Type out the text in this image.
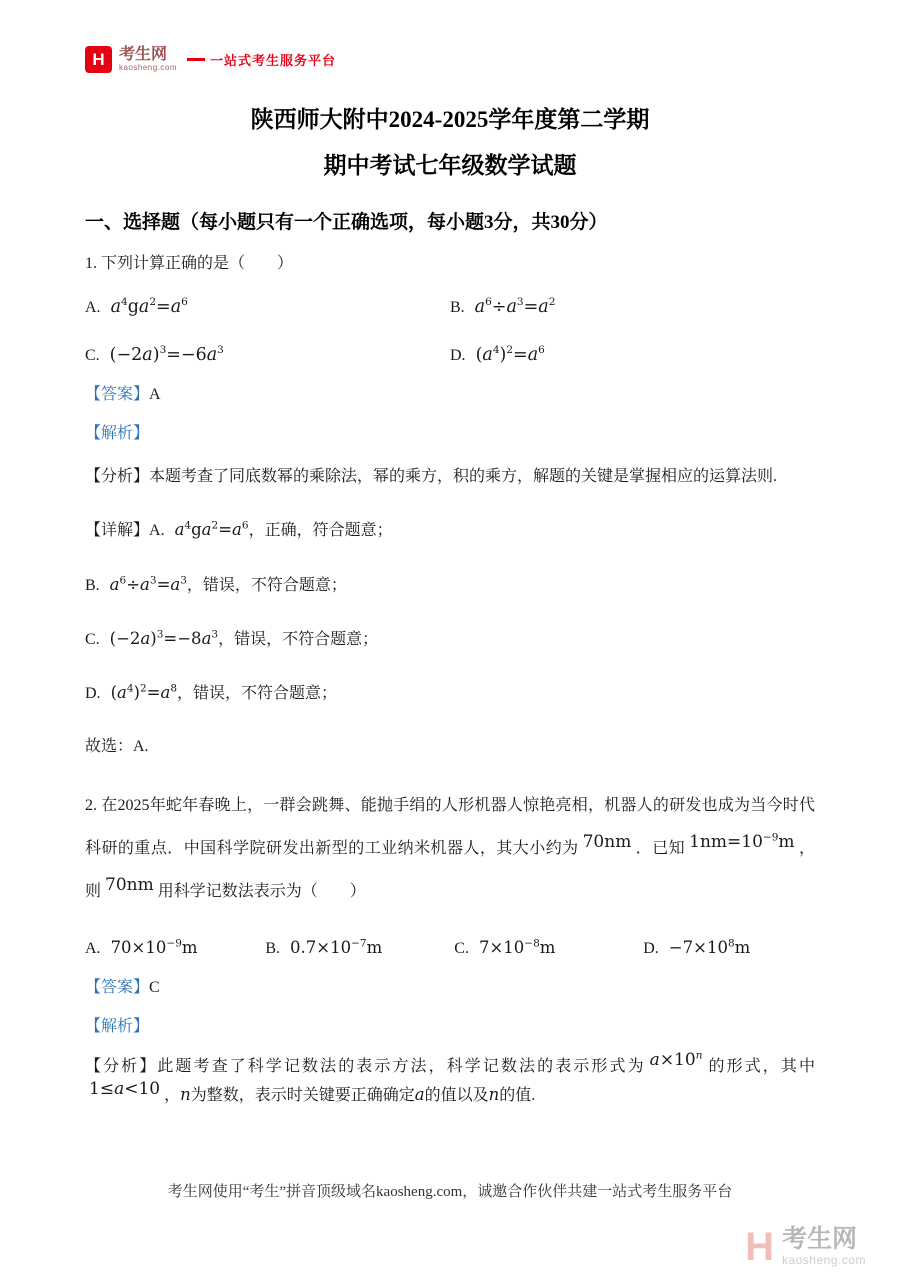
H 考生网
kaosheng.com	一站式考生服务平台
陕西师大附中2024-2025学年度第二学期
期中考试七年级数学试题
一、选择题（每小题只有一个正确选项，每小题3分，共30分）

1. 下列计算正确的是（　　）

A. $a^4ga^2=a^6$	B. $a^6\div a^3=a^2$
C. $(-2a)^3=-6a^3$	D. $(a^4)^2=a^6$

【答案】A

【解析】

【分析】本题考查了同底数幂的乘除法，幂的乘方，积的乘方，解题的关键是掌握相应的运算法则.

【详解】A. $a^4ga^2=a^6$，正确，符合题意；

B. $a^6\div a^3=a^3$，错误，不符合题意；

C. $(-2a)^3=-8a^3$，错误，不符合题意；

D. $(a^4)^2=a^8$，错误，不符合题意；

故选：A.

2. 在2025年蛇年春晚上，一群会跳舞、能抛手绢的人形机器人惊艳亮相，机器人的研发也成为当今时代科研的重点．中国科学院研发出新型的工业纳米机器人，其大小约为 70nm ．已知 $1nm=10^{-9}m$ ，则 70nm 用科学记数法表示为（　　）

A. $70\times 10^{-9}m$	B. $0.7\times 10^{-7}m$	C. $7\times 10^{-8}m$	D. $-7\times 10^8m$

【答案】C

【解析】

【分析】此题考查了科学记数法的表示方法，科学记数法的表示形式为 $a\times 10^n$的形式，其中1≤a<10 ，n为整数，表示时关键要正确确定a的值以及n的值.

考生网使用“考生”拼音顶级域名kaosheng.com，诚邀合作伙伴共建一站式考生服务平台
H 考生网
kaosheng.com
